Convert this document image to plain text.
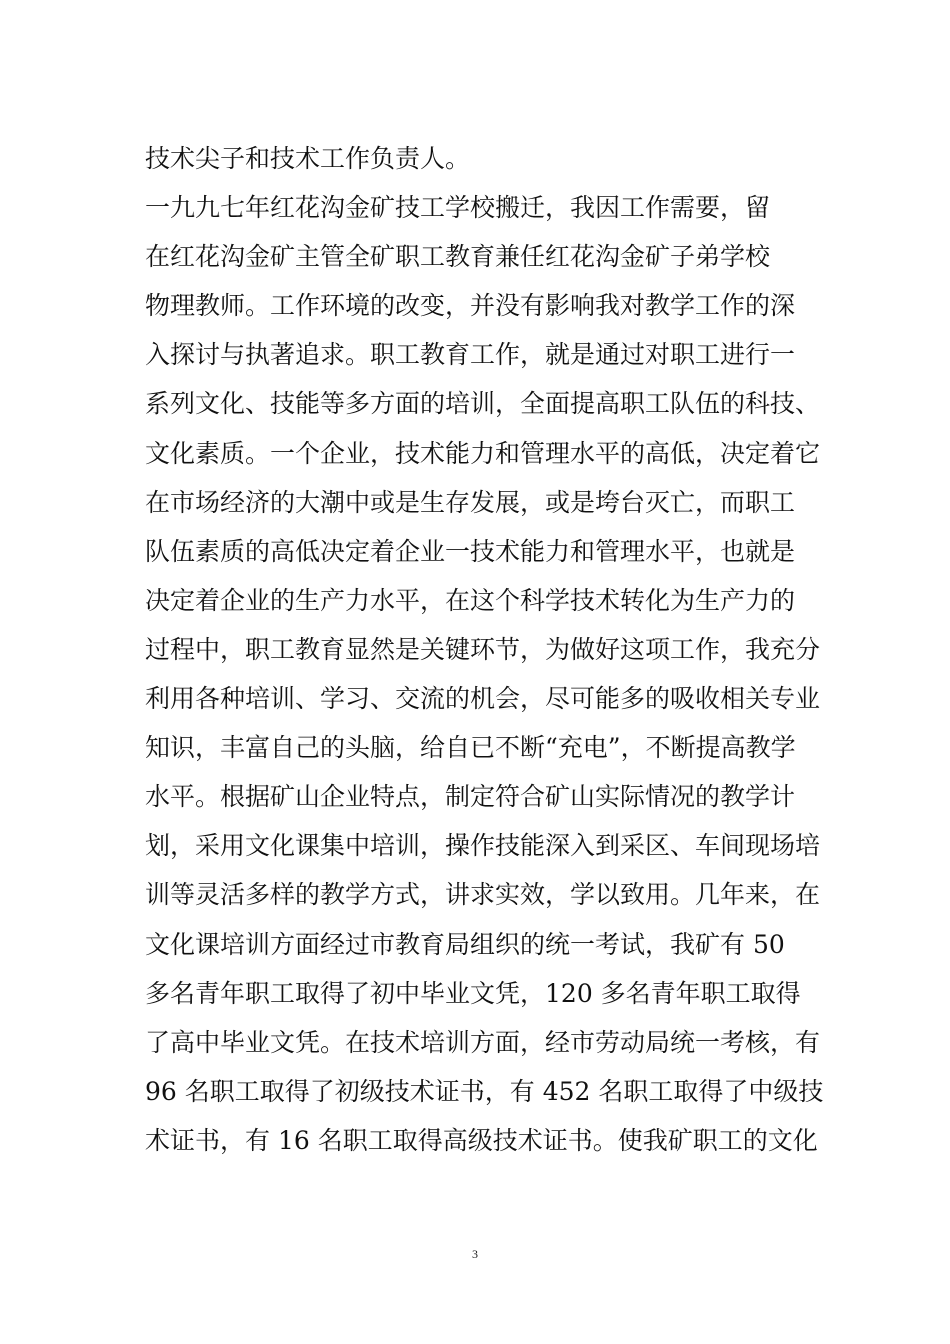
技术尖子和技术工作负责人。
一九九七年红花沟金矿技工学校搬迁，我因工作需要，留
在红花沟金矿主管全矿职工教育兼任红花沟金矿子弟学校
物理教师。工作环境的改变，并没有影响我对教学工作的深
入探讨与执著追求。职工教育工作，就是通过对职工进行一
系列文化、技能等多方面的培训，全面提高职工队伍的科技、
文化素质。一个企业，技术能力和管理水平的高低，决定着它
在市场经济的大潮中或是生存发展，或是垮台灭亡，而职工
队伍素质的高低决定着企业一技术能力和管理水平，也就是
决定着企业的生产力水平，在这个科学技术转化为生产力的
过程中，职工教育显然是关键环节，为做好这项工作，我充分
利用各种培训、学习、交流的机会，尽可能多的吸收相关专业
知识，丰富自己的头脑，给自已不断“充电”，不断提高教学
水平。根据矿山企业特点，制定符合矿山实际情况的教学计
划，采用文化课集中培训，操作技能深入到采区、车间现场培
训等灵活多样的教学方式，讲求实效，学以致用。几年来，在
文化课培训方面经过市教育局组织的统一考试，我矿有 50
多名青年职工取得了初中毕业文凭，120 多名青年职工取得
了高中毕业文凭。在技术培训方面，经市劳动局统一考核，有
96 名职工取得了初级技术证书，有 452 名职工取得了中级技
术证书，有 16 名职工取得高级技术证书。使我矿职工的文化
3
